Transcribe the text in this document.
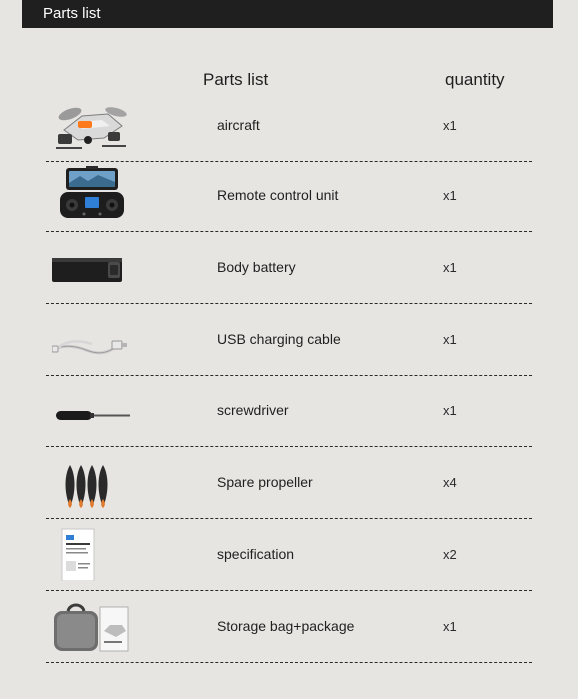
Parts list
Parts list	quantity
aircraft	x1
Remote control unit	x1
Body battery	x1
USB charging cable	x1
screwdriver	x1
Spare propeller	x4
specification	x2
Storage bag+package	x1
